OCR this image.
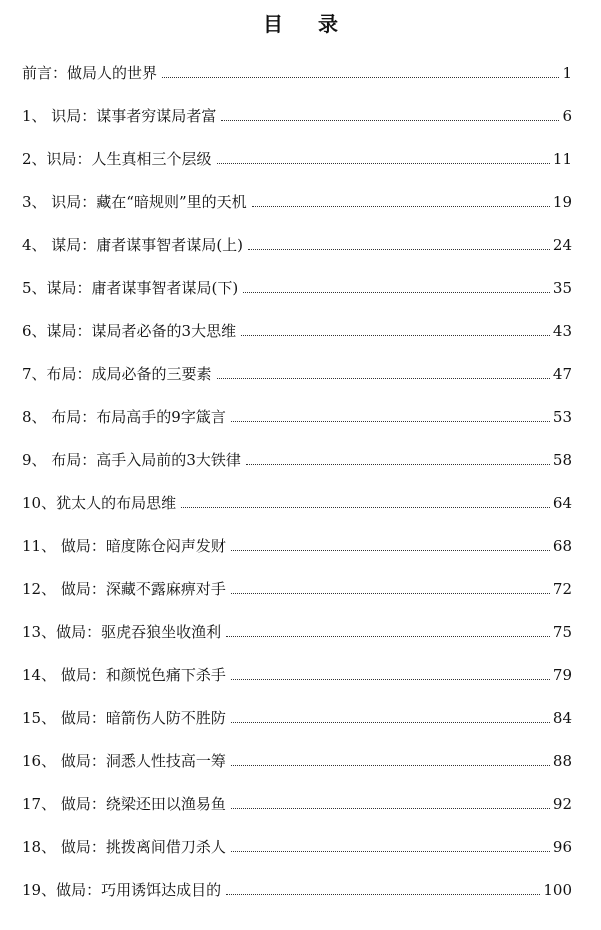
目 录
前言：做局人的世界	1
1、 识局：谋事者穷谋局者富	6
2、识局：人生真相三个层级	11
3、 识局：藏在“暗规则”里的天机	19
4、 谋局：庸者谋事智者谋局(上)	24
5、谋局：庸者谋事智者谋局(下)	35
6、谋局：谋局者必备的3大思维	43
7、布局：成局必备的三要素	47
8、 布局：布局高手的9字箴言	53
9、 布局：高手入局前的3大铁律	58
10、犹太人的布局思维	64
11、 做局：暗度陈仓闷声发财	68
12、 做局：深藏不露麻痹对手	72
13、做局：驱虎吞狼坐收渔利	75
14、 做局：和颜悦色痛下杀手	79
15、 做局：暗箭伤人防不胜防	84
16、 做局：洞悉人性技高一筹	88
17、 做局：绕梁还田以渔易鱼	92
18、 做局：挑拨离间借刀杀人	96
19、做局：巧用诱饵达成目的	100
